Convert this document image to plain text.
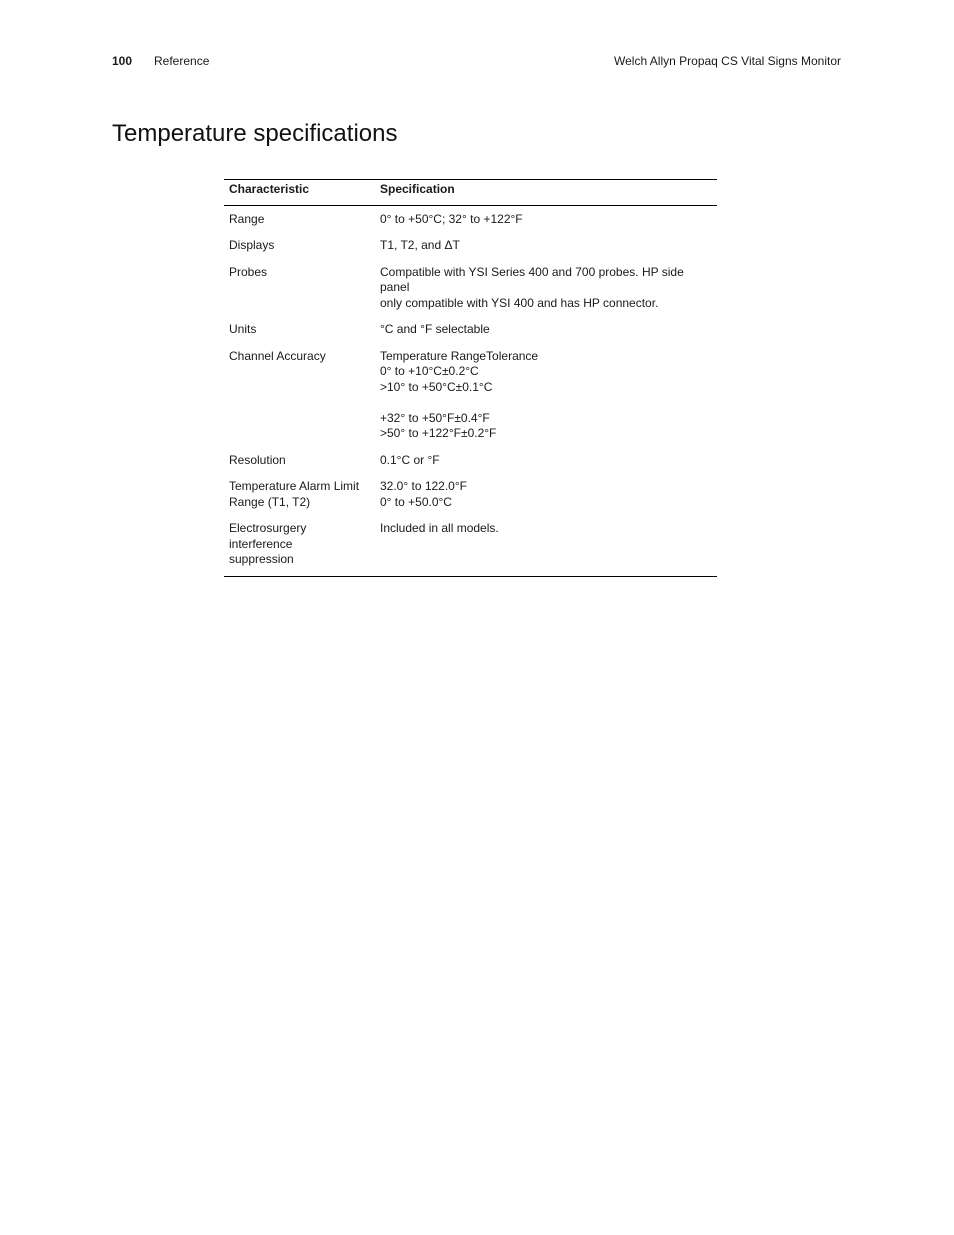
100 Reference	Welch Allyn Propaq CS Vital Signs Monitor
Temperature specifications
Characteristic	Specification

Range	0° to +50°C; 32° to +122°F

Displays	T1, T2, and ΔT

Probes	Compatible with YSI Series 400 and 700 probes. HP side panel
only compatible with YSI 400 and has HP connector.

Units	°C and °F selectable

Channel Accuracy	Temperature RangeTolerance
0° to +10°C±0.2°C
>10° to +50°C±0.1°C
+32° to +50°F±0.4°F
>50° to +122°F±0.2°F

Resolution	0.1°C or °F

Temperature Alarm Limit
Range (T1, T2)	32.0° to 122.0°F
0° to +50.0°C

Electrosurgery interference
suppression	Included in all models.
